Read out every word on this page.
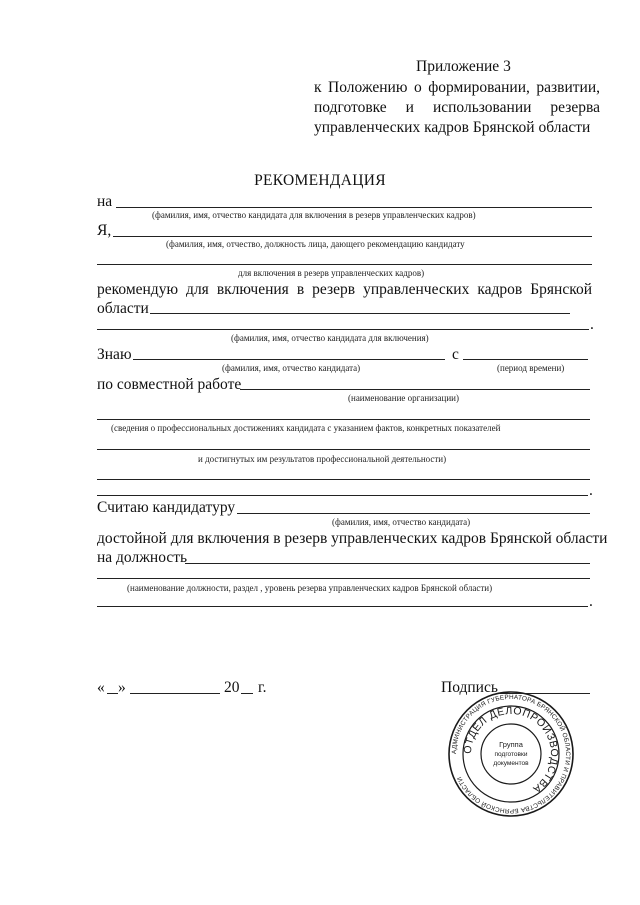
Приложение 3
к Положению о формировании, развитии,
подготовке и использовании резерва
управленческих кадров Брянской области
РЕКОМЕНДАЦИЯ
на
(фамилия, имя, отчество кандидата для включения в резерв управленческих кадров)
Я,
(фамилия, имя, отчество, должность лица, дающего рекомендацию кандидату
для включения в резерв управленческих кадров)
рекомендую для включения в резерв управленческих кадров Брянской
области
.
(фамилия, имя, отчество кандидата для включения)
Знаю	с
(фамилия, имя, отчество кандидата)	(период времени)
по совместной работе
(наименование организации)
(сведения о профессиональных достижениях кандидата с указанием фактов, конкретных показателей
и достигнутых им результатов профессиональной деятельности)
.
Считаю кандидатуру
(фамилия, имя, отчество кандидата)
достойной для включения в резерв управленческих кадров Брянской области
на должность
(наименование должности, раздел , уровень резерва управленческих кадров Брянской области)
.
« »	20 г.	Подпись
АДМИНИСТРАЦИЯ ГУБЕРНАТОРА БРЯНСКОЙ ОБЛАСТИ И ПРАВИТЕЛЬСТВА БРЯНСКОЙ ОБЛАСТИ
ОТДЕЛ ДЕЛОПРОИЗВОДСТВА
Группа
подготовки
документов
